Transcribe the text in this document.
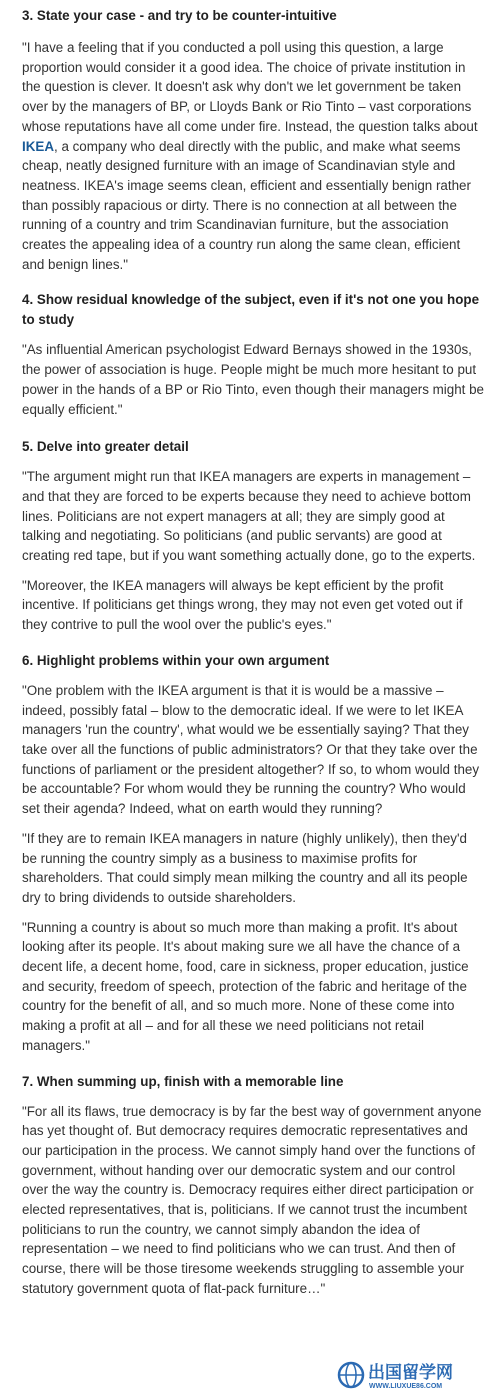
3. State your case - and try to be counter-intuitive

"I have a feeling that if you conducted a poll using this question, a large proportion would consider it a good idea. The choice of private institution in the question is clever. It doesn't ask why don't we let government be taken over by the managers of BP, or Lloyds Bank or Rio Tinto – vast corporations whose reputations have all come under fire. Instead, the question talks about IKEA, a company who deal directly with the public, and make what seems cheap, neatly designed furniture with an image of Scandinavian style and neatness. IKEA's image seems clean, efficient and essentially benign rather than possibly rapacious or dirty. There is no connection at all between the running of a country and trim Scandinavian furniture, but the association creates the appealing idea of a country run along the same clean, efficient and benign lines."

4. Show residual knowledge of the subject, even if it's not one you hope to study

"As influential American psychologist Edward Bernays showed in the 1930s, the power of association is huge. People might be much more hesitant to put power in the hands of a BP or Rio Tinto, even though their managers might be equally efficient."

5. Delve into greater detail

"The argument might run that IKEA managers are experts in management – and that they are forced to be experts because they need to achieve bottom lines. Politicians are not expert managers at all; they are simply good at talking and negotiating. So politicians (and public servants) are good at creating red tape, but if you want something actually done, go to the experts.

"Moreover, the IKEA managers will always be kept efficient by the profit incentive. If politicians get things wrong, they may not even get voted out if they contrive to pull the wool over the public's eyes."

6. Highlight problems within your own argument

"One problem with the IKEA argument is that it is would be a massive – indeed, possibly fatal – blow to the democratic ideal. If we were to let IKEA managers 'run the country', what would we be essentially saying? That they take over all the functions of public administrators? Or that they take over the functions of parliament or the president altogether? If so, to whom would they be accountable? For whom would they be running the country? Who would set their agenda? Indeed, what on earth would they running?

"If they are to remain IKEA managers in nature (highly unlikely), then they'd be running the country simply as a business to maximise profits for shareholders. That could simply mean milking the country and all its people dry to bring dividends to outside shareholders.

"Running a country is about so much more than making a profit. It's about looking after its people. It's about making sure we all have the chance of a decent life, a decent home, food, care in sickness, proper education, justice and security, freedom of speech, protection of the fabric and heritage of the country for the benefit of all, and so much more. None of these come into making a profit at all – and for all these we need politicians not retail managers."

7. When summing up, finish with a memorable line

"For all its flaws, true democracy is by far the best way of government anyone has yet thought of. But democracy requires democratic representatives and our participation in the process. We cannot simply hand over the functions of government, without handing over our democratic system and our control over the way the country is. Democracy requires either direct participation or elected representatives, that is, politicians. If we cannot trust the incumbent politicians to run the country, we cannot simply abandon the idea of representation – we need to find politicians who we can trust. And then of course, there will be those tiresome weekends struggling to assemble your statutory government quota of flat-pack furniture…"

出国留学网
WWW.LIUXUE86.COM
